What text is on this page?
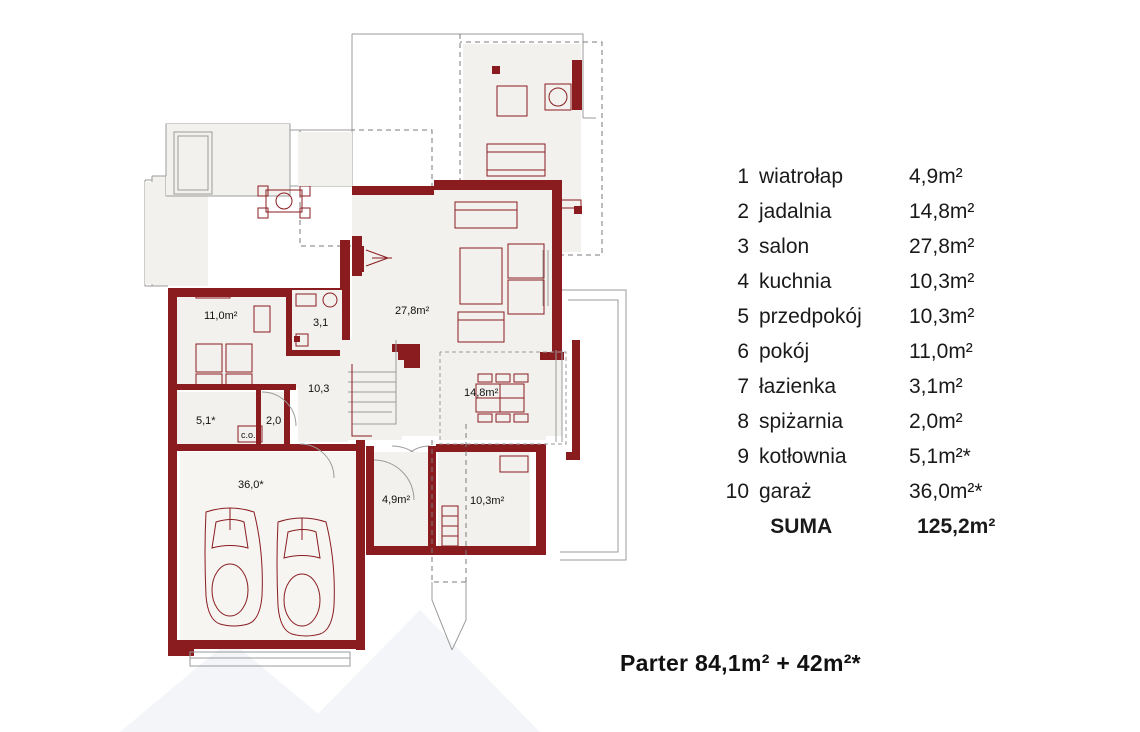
11,0m²
3,1
27,8m²
10,3
5,1*	2,0
c.o.
36,0*
4,9m²	10,3m²
14,8m²
1 wiatrołap	4,9m²
2 jadalnia	14,8m²
3 salon	27,8m²
4 kuchnia	10,3m²
5 przedpokój	10,3m²
6 pokój	11,0m²
7 łazienka	3,1m²
8 spiżarnia	2,0m²
9 kotłownia	5,1m²*
10 garaż	36,0m²*
SUMA	125,2m²
Parter 84,1m² + 42m²*
